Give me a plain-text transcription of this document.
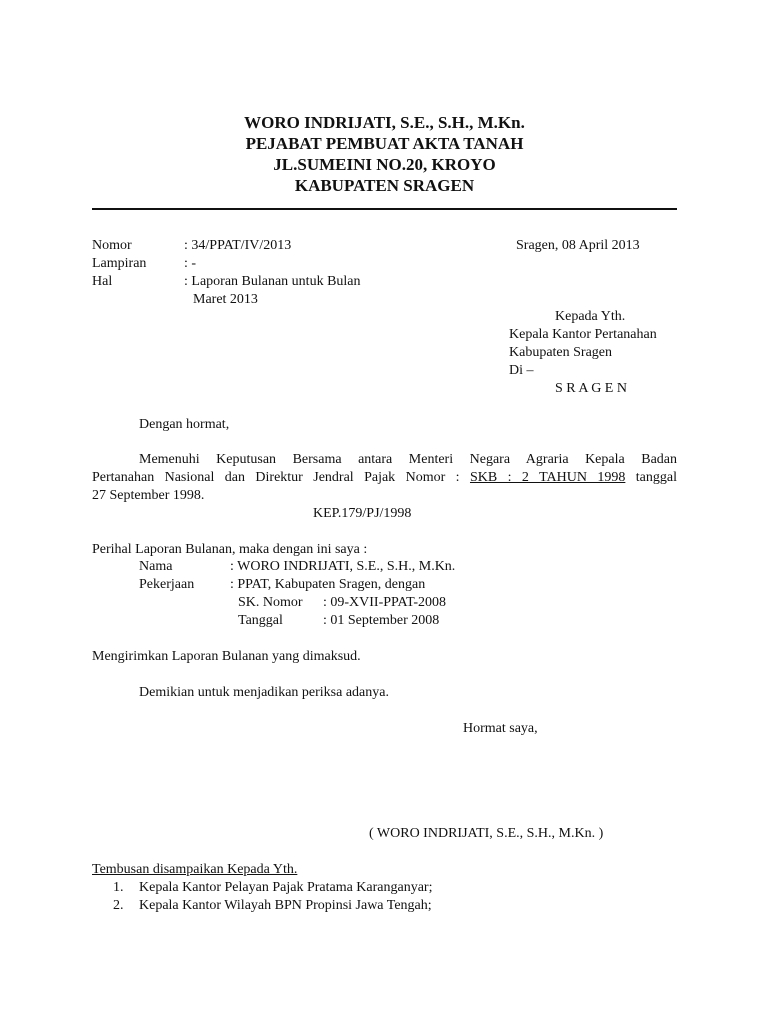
WORO INDRIJATI, S.E., S.H., M.Kn.
PEJABAT PEMBUAT AKTA TANAH
JL.SUMEINI NO.20, KROYO
KABUPATEN SRAGEN
Nomor	: 34/PPAT/IV/2013	Sragen, 08 April 2013
Lampiran	: -
Hal	: Laporan Bulanan untuk Bulan
Maret 2013
Kepada Yth.
Kepala Kantor Pertanahan
Kabupaten Sragen
Di –
S R A G E N
Dengan hormat,
Memenuhi Keputusan Bersama antara Menteri Negara Agraria Kepala Badan
Pertanahan Nasional dan Direktur Jendral Pajak Nomor : SKB : 2 TAHUN 1998 tanggal
27 September 1998.
KEP.179/PJ/1998
Perihal Laporan Bulanan, maka dengan ini saya :
Nama	: WORO INDRIJATI, S.E., S.H., M.Kn.
Pekerjaan	: PPAT, Kabupaten Sragen, dengan
SK. Nomor : 09-XVII-PPAT-2008
Tanggal	: 01 September 2008
Mengirimkan Laporan Bulanan yang dimaksud.
Demikian untuk menjadikan periksa adanya.
Hormat saya,
( WORO INDRIJATI, S.E., S.H., M.Kn. )
Tembusan disampaikan Kepada Yth.
1. Kepala Kantor Pelayan Pajak Pratama Karanganyar;
2. Kepala Kantor Wilayah BPN Propinsi Jawa Tengah;
